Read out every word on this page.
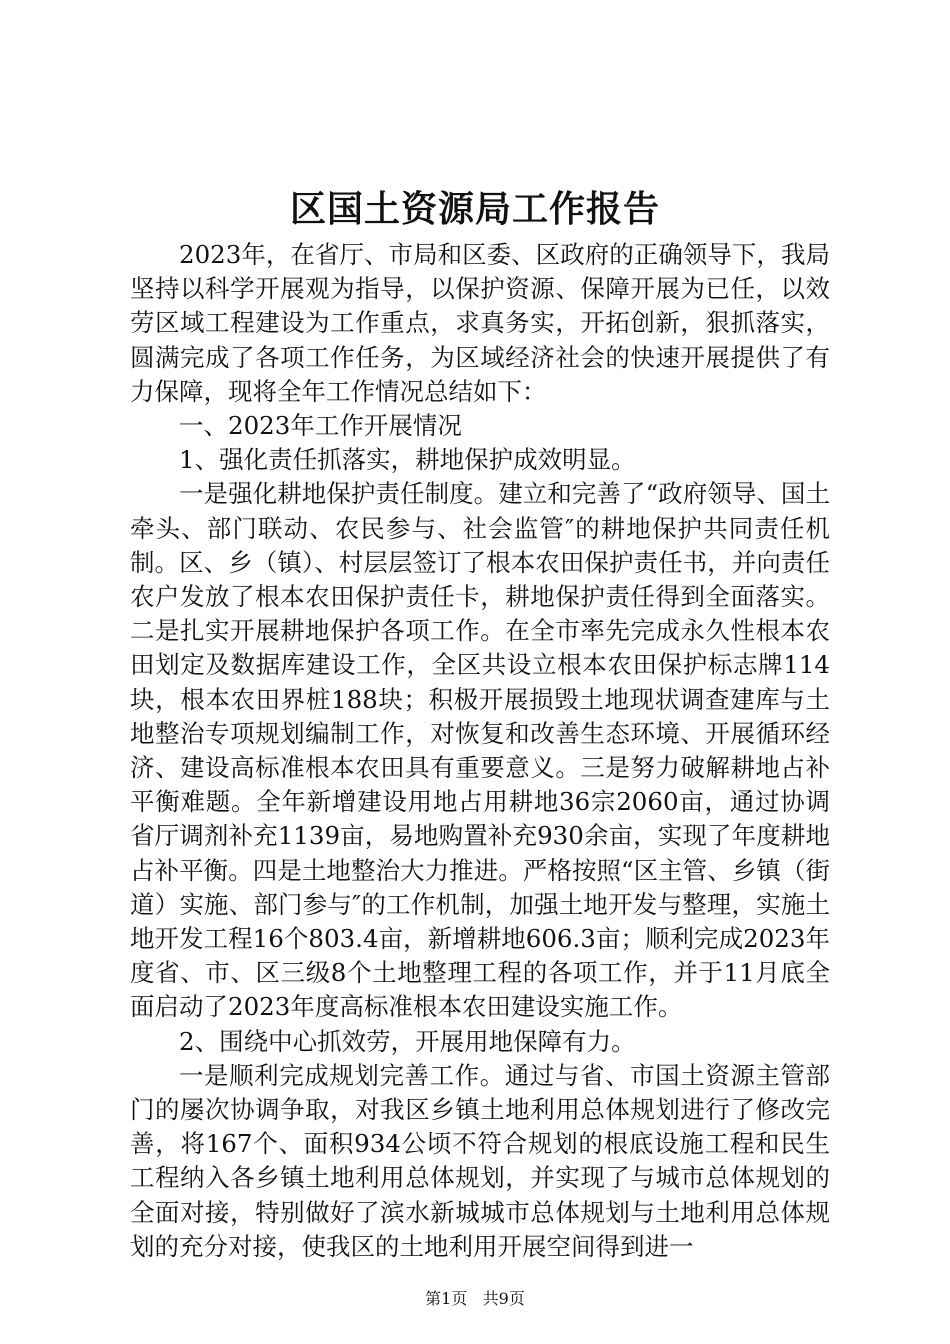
区国土资源局工作报告

2023年，在省厅、市局和区委、区政府的正确领导下，我局坚持以科学开展观为指导，以保护资源、保障开展为已任，以效劳区域工程建设为工作重点，求真务实，开拓创新，狠抓落实，圆满完成了各项工作任务，为区域经济社会的快速开展提供了有力保障，现将全年工作情况总结如下：

一、2023年工作开展情况

1、强化责任抓落实，耕地保护成效明显。

一是强化耕地保护责任制度。建立和完善了“政府领导、国土牵头、部门联动、农民参与、社会监管″的耕地保护共同责任机制。区、乡（镇）、村层层签订了根本农田保护责任书，并向责任农户发放了根本农田保护责任卡，耕地保护责任得到全面落实。二是扎实开展耕地保护各项工作。在全市率先完成永久性根本农田划定及数据库建设工作，全区共设立根本农田保护标志牌114块，根本农田界桩188块；积极开展损毁土地现状调查建库与土地整治专项规划编制工作，对恢复和改善生态环境、开展循环经济、建设高标准根本农田具有重要意义。三是努力破解耕地占补平衡难题。全年新增建设用地占用耕地36宗2060亩，通过协调省厅调剂补充1139亩，易地购置补充930余亩，实现了年度耕地占补平衡。四是土地整治大力推进。严格按照“区主管、乡镇（街道）实施、部门参与″的工作机制，加强土地开发与整理，实施土地开发工程16个803.4亩，新增耕地606.3亩；顺利完成2023年度省、市、区三级8个土地整理工程的各项工作，并于11月底全面启动了2023年度高标准根本农田建设实施工作。

2、围绕中心抓效劳，开展用地保障有力。

一是顺利完成规划完善工作。通过与省、市国土资源主管部门的屡次协调争取，对我区乡镇土地利用总体规划进行了修改完善，将167个、面积934公顷不符合规划的根底设施工程和民生工程纳入各乡镇土地利用总体规划，并实现了与城市总体规划的全面对接，特别做好了滨水新城城市总体规划与土地利用总体规划的充分对接，使我区的土地利用开展空间得到进一

第1页 共9页
